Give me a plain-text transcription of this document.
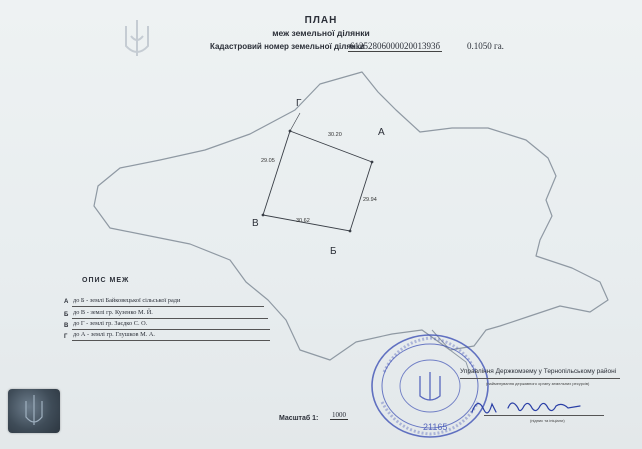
ПЛАН
меж земельної ділянки
Кадастровий номер земельної ділянки
6125280600002001393б	0.1050 га.
Г
А
Б
В
30.20
29.94
30.62
29.05
ОПИС МЕЖ
А до Б - землі Байковецької сільської ради
Б до В - землі гр. Кузенко М. Й.
В до Г - землі гр. Заєдко С. О.
Г до А - землі гр. Глушков М. А.
21165
Управління Держкомзему у Тернопільському районі
(найменування державного органу земельних ресурсів)
(підпис та ініціали)
Масштаб 1: 1000
